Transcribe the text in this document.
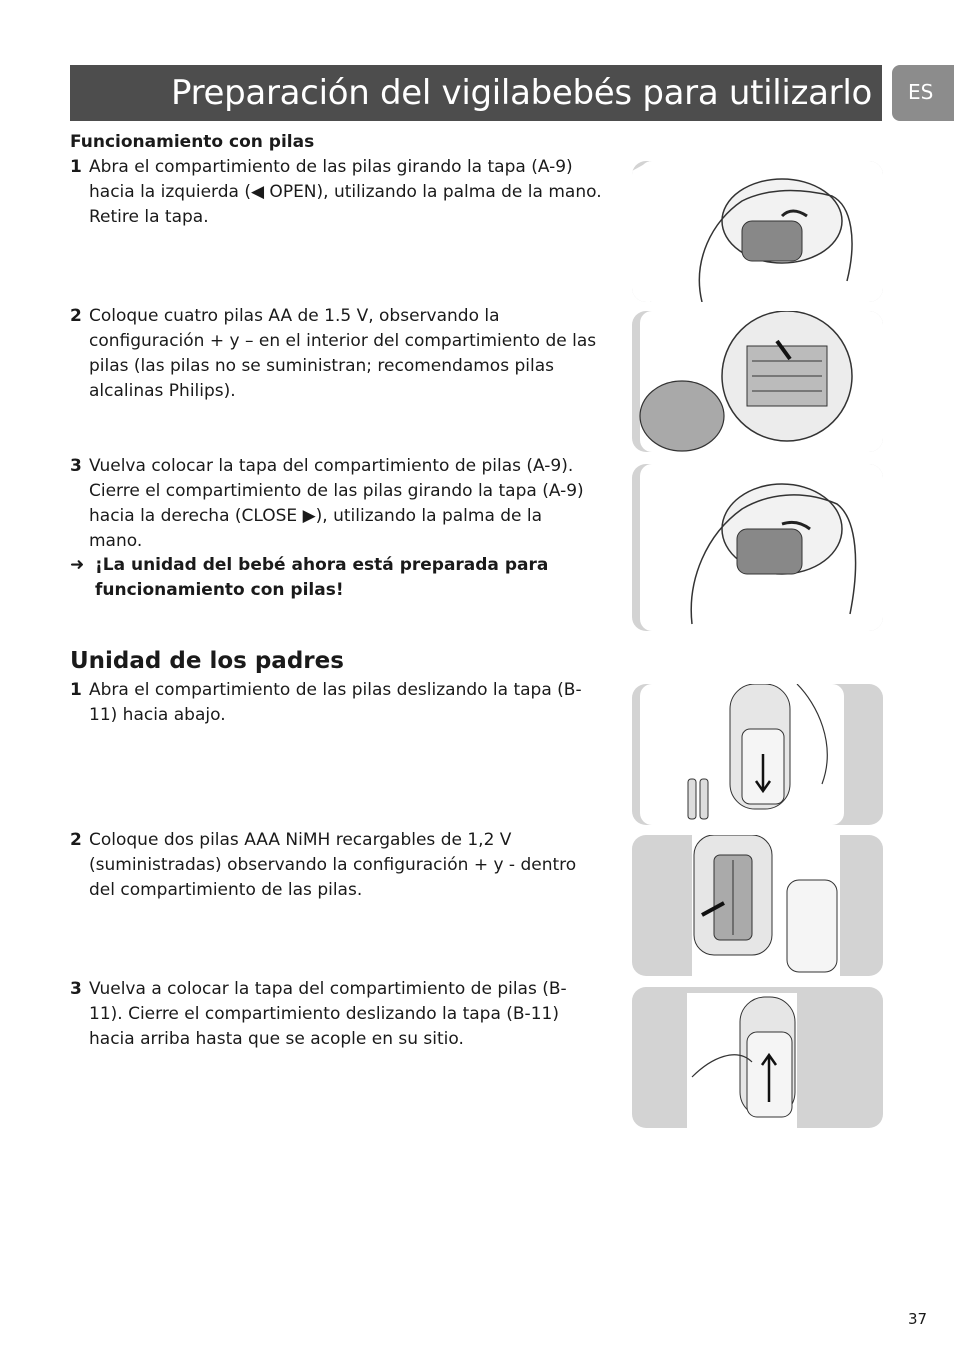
Preparación del vigilabebés para utilizarlo ES
Funcionamiento con pilas
1 Abra el compartimiento de las pilas girando la tapa (A-9) hacia la izquierda (◀ OPEN), utilizando la palma de la mano. Retire la tapa.
2 Coloque cuatro pilas AA de 1.5 V, observando la configuración + y – en el interior del compartimiento de las pilas (las pilas no se suministran; recomendamos pilas alcalinas Philips).
3 Vuelva colocar la tapa del compartimiento de pilas (A-9). Cierre el compartimiento de las pilas girando la tapa (A-9) hacia la derecha (CLOSE ▶), utilizando la palma de la mano.
➜ ¡La unidad del bebé ahora está preparada para funcionamiento con pilas!
Unidad de los padres
1 Abra el compartimiento de las pilas deslizando la tapa (B-11) hacia abajo.
2 Coloque dos pilas AAA NiMH recargables de 1,2 V (suministradas) observando la configuración + y - dentro del compartimiento de las pilas.
3 Vuelva a colocar la tapa del compartimiento de pilas (B-11). Cierre el compartimiento deslizando la tapa (B-11) hacia arriba hasta que se acople en su sitio.
37
